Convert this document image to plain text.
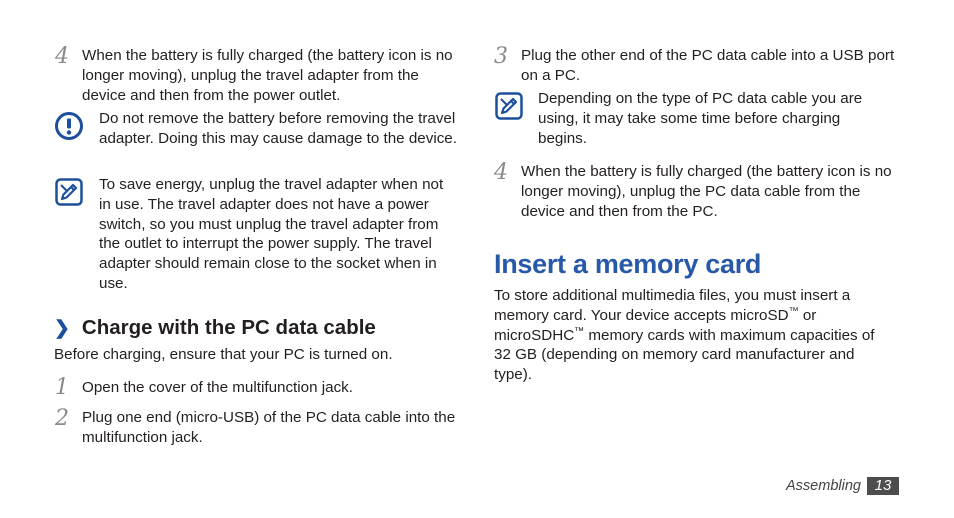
4 When the battery is fully charged (the battery icon is no longer moving), unplug the travel adapter from the device and then from the power outlet.
Do not remove the battery before removing the travel adapter. Doing this may cause damage to the device.
To save energy, unplug the travel adapter when not in use. The travel adapter does not have a power switch, so you must unplug the travel adapter from the outlet to interrupt the power supply. The travel adapter should remain close to the socket when in use.
❯ Charge with the PC data cable
Before charging, ensure that your PC is turned on.
1 Open the cover of the multifunction jack.
2 Plug one end (micro-USB) of the PC data cable into the multifunction jack.
3 Plug the other end of the PC data cable into a USB port on a PC.
Depending on the type of PC data cable you are using, it may take some time before charging begins.
4 When the battery is fully charged (the battery icon is no longer moving), unplug the PC data cable from the device and then from the PC.
Insert a memory card
To store additional multimedia files, you must insert a memory card. Your device accepts microSD™ or microSDHC™ memory cards with maximum capacities of 32 GB (depending on memory card manufacturer and type).
Assembling 13
